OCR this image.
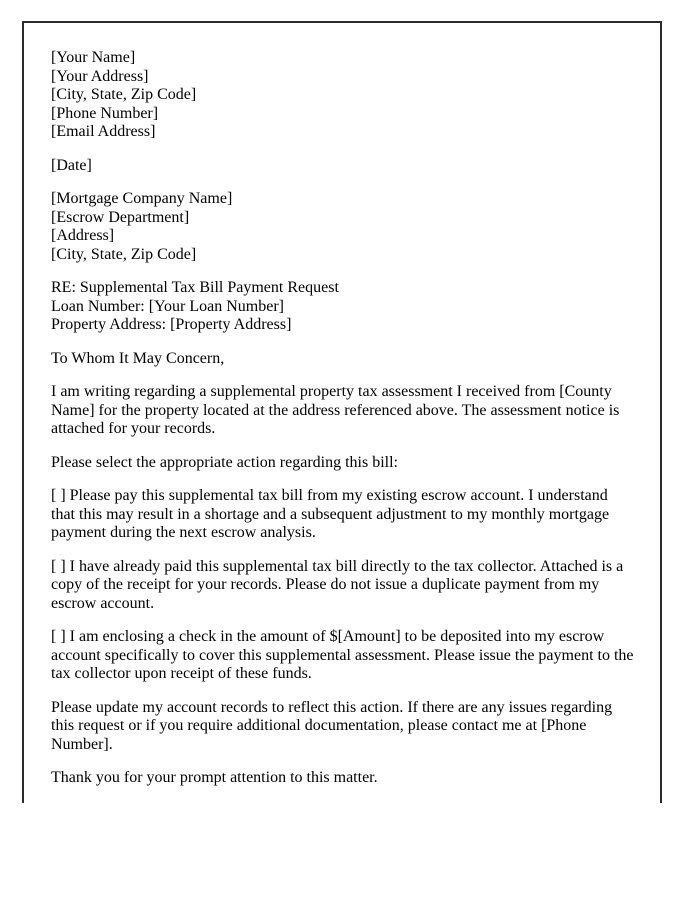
[Your Name]
[Your Address]
[City, State, Zip Code]
[Phone Number]
[Email Address]
[Date]
[Mortgage Company Name]
[Escrow Department]
[Address]
[City, State, Zip Code]
RE: Supplemental Tax Bill Payment Request
Loan Number: [Your Loan Number]
Property Address: [Property Address]
To Whom It May Concern,

I am writing regarding a supplemental property tax assessment I received from [County Name] for the property located at the address referenced above. The assessment notice is attached for your records.

Please select the appropriate action regarding this bill:

[ ] Please pay this supplemental tax bill from my existing escrow account. I understand that this may result in a shortage and a subsequent adjustment to my monthly mortgage payment during the next escrow analysis.

[ ] I have already paid this supplemental tax bill directly to the tax collector. Attached is a copy of the receipt for your records. Please do not issue a duplicate payment from my escrow account.

[ ] I am enclosing a check in the amount of $[Amount] to be deposited into my escrow account specifically to cover this supplemental assessment. Please issue the payment to the tax collector upon receipt of these funds.

Please update my account records to reflect this action. If there are any issues regarding this request or if you require additional documentation, please contact me at [Phone Number].

Thank you for your prompt attention to this matter.
